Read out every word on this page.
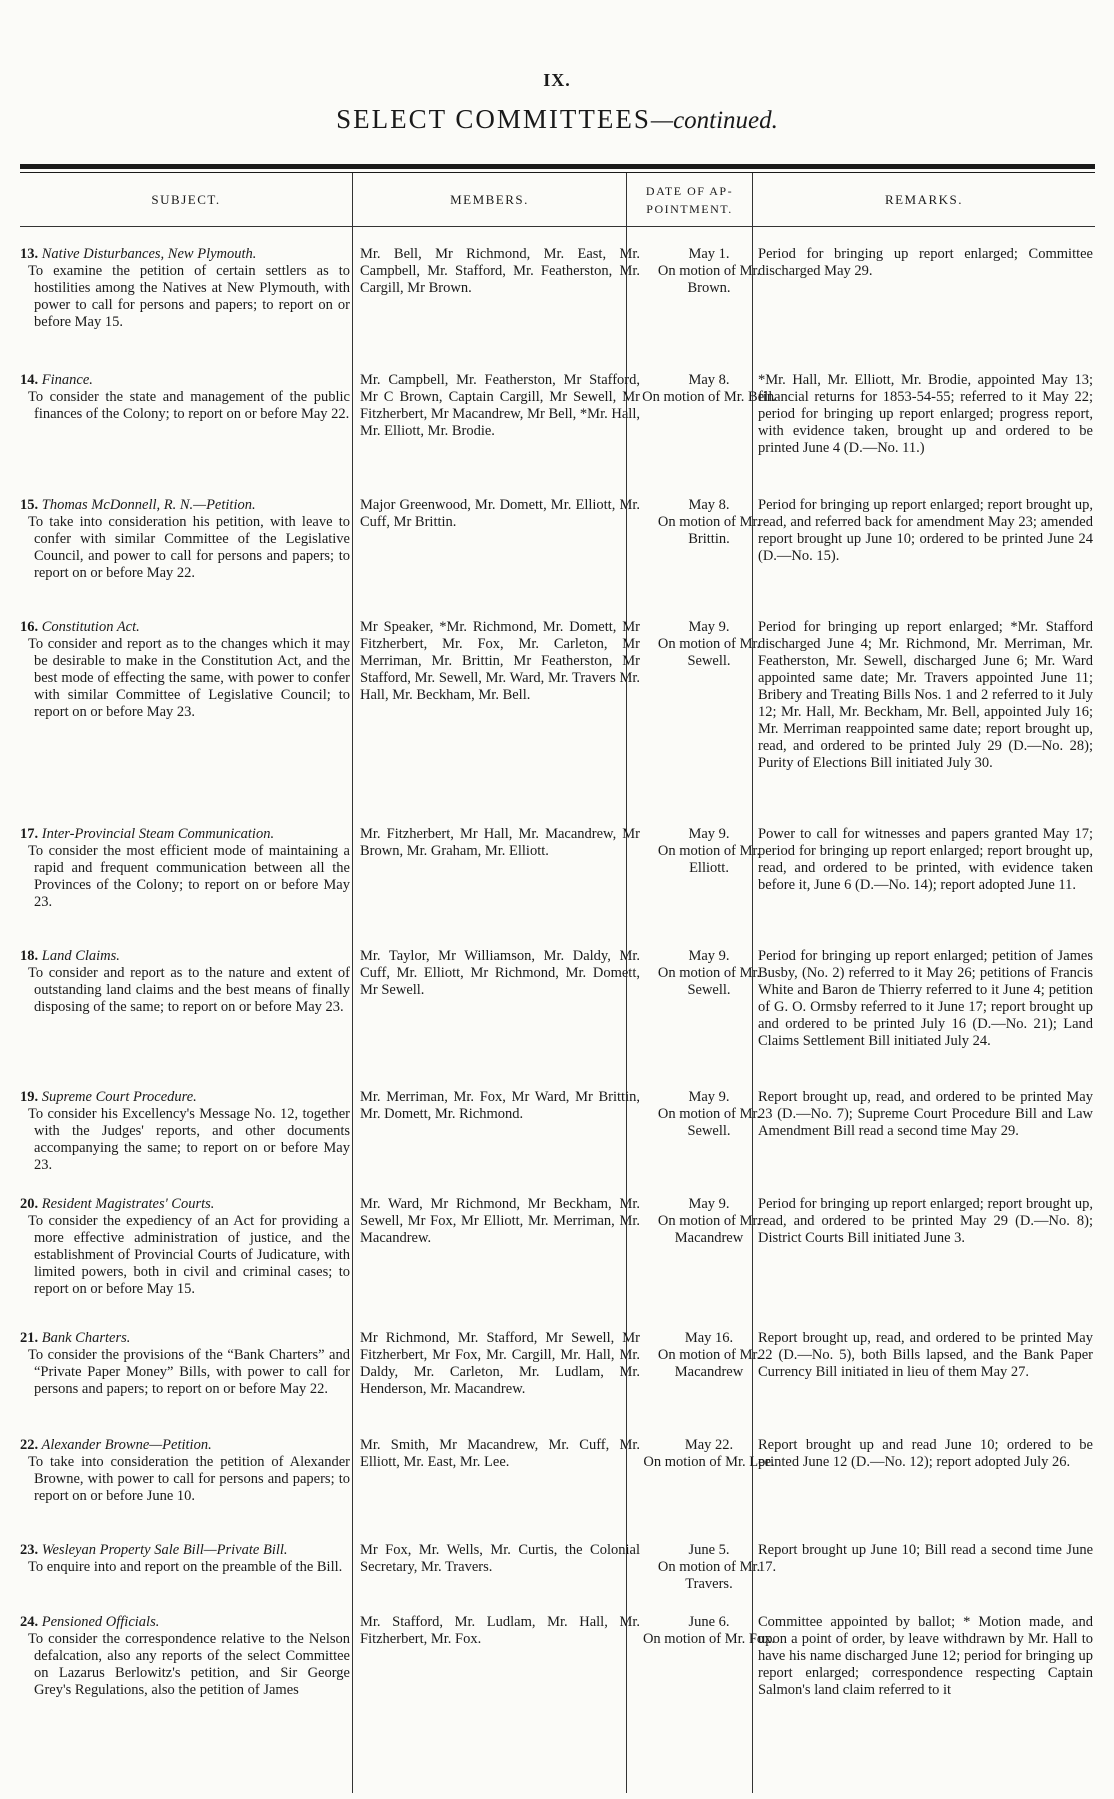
IX.
SELECT COMMITTEES—continued.
SUBJECT.	MEMBERS.
DATE OF AP-POINTMENT.
REMARKS.
13. Native Disturbances, New Plymouth.
To examine the petition of certain settlers as to hostilities among the Natives at New Plymouth, with power to call for persons and papers; to report on or before May 15.
Mr. Bell, Mr Richmond, Mr. East, Mr. Campbell, Mr. Stafford, Mr. Featherston, Mr. Cargill, Mr Brown.
May 1.
On motion of Mr. Brown.
Period for bringing up report enlarged; Committee discharged May 29.
14. Finance.
To consider the state and management of the public finances of the Colony; to report on or before May 22.
Mr. Campbell, Mr. Featherston, Mr Stafford, Mr C Brown, Captain Cargill, Mr Sewell, Mr Fitzherbert, Mr Macandrew, Mr Bell, *Mr. Hall, Mr. Elliott, Mr. Brodie.
May 8.
On motion of Mr. Bell.
*Mr. Hall, Mr. Elliott, Mr. Brodie, appointed May 13; financial returns for 1853-54-55; referred to it May 22; period for bringing up report enlarged; progress report, with evidence taken, brought up and ordered to be printed June 4 (D.—No. 11.)
15. Thomas McDonnell, R. N.—Petition.
To take into consideration his petition, with leave to confer with similar Committee of the Legislative Council, and power to call for persons and papers; to report on or before May 22.
Major Greenwood, Mr. Domett, Mr. Elliott, Mr. Cuff, Mr Brittin.
May 8.
On motion of Mr. Brittin.
Period for bringing up report enlarged; report brought up, read, and referred back for amendment May 23; amended report brought up June 10; ordered to be printed June 24 (D.—No. 15).
16. Constitution Act.
To consider and report as to the changes which it may be desirable to make in the Constitution Act, and the best mode of effecting the same, with power to confer with similar Committee of Legislative Council; to report on or before May 23.
Mr Speaker, *Mr. Richmond, Mr. Domett, Mr Fitzherbert, Mr. Fox, Mr. Carleton, Mr Merriman, Mr. Brittin, Mr Featherston, Mr Stafford, Mr. Sewell, Mr. Ward, Mr. Travers Mr. Hall, Mr. Beckham, Mr. Bell.
May 9.
On motion of Mr. Sewell.
Period for bringing up report enlarged; *Mr. Stafford discharged June 4; Mr. Richmond, Mr. Merriman, Mr. Featherston, Mr. Sewell, discharged June 6; Mr. Ward appointed same date; Mr. Travers appointed June 11; Bribery and Treating Bills Nos. 1 and 2 referred to it July 12; Mr. Hall, Mr. Beckham, Mr. Bell, appointed July 16; Mr. Merriman reappointed same date; report brought up, read, and ordered to be printed July 29 (D.—No. 28); Purity of Elections Bill initiated July 30.
17. Inter-Provincial Steam Communication.
To consider the most efficient mode of maintaining a rapid and frequent communication between all the Provinces of the Colony; to report on or before May 23.
Mr. Fitzherbert, Mr Hall, Mr. Macandrew, Mr Brown, Mr. Graham, Mr. Elliott.
May 9.
On motion of Mr. Elliott.
Power to call for witnesses and papers granted May 17; period for bringing up report enlarged; report brought up, read, and ordered to be printed, with evidence taken before it, June 6 (D.—No. 14); report adopted June 11.
18. Land Claims.
To consider and report as to the nature and extent of outstanding land claims and the best means of finally disposing of the same; to report on or before May 23.
Mr. Taylor, Mr Williamson, Mr. Daldy, Mr. Cuff, Mr. Elliott, Mr Richmond, Mr. Domett, Mr Sewell.
May 9.
On motion of Mr. Sewell.
Period for bringing up report enlarged; petition of James Busby, (No. 2) referred to it May 26; petitions of Francis White and Baron de Thierry referred to it June 4; petition of G. O. Ormsby referred to it June 17; report brought up and ordered to be printed July 16 (D.—No. 21); Land Claims Settlement Bill initiated July 24.
19. Supreme Court Procedure.
To consider his Excellency's Message No. 12, together with the Judges' reports, and other documents accompanying the same; to report on or before May 23.
Mr. Merriman, Mr. Fox, Mr Ward, Mr Brittin, Mr. Domett, Mr. Richmond.
May 9.
On motion of Mr. Sewell.
Report brought up, read, and ordered to be printed May 23 (D.—No. 7); Supreme Court Procedure Bill and Law Amendment Bill read a second time May 29.
20. Resident Magistrates' Courts.
To consider the expediency of an Act for providing a more effective administration of justice, and the establishment of Provincial Courts of Judicature, with limited powers, both in civil and criminal cases; to report on or before May 15.
Mr. Ward, Mr Richmond, Mr Beckham, Mr. Sewell, Mr Fox, Mr Elliott, Mr. Merriman, Mr. Macandrew.
May 9.
On motion of Mr. Macandrew
Period for bringing up report enlarged; report brought up, read, and ordered to be printed May 29 (D.—No. 8); District Courts Bill initiated June 3.
21. Bank Charters.
To consider the provisions of the “Bank Charters” and “Private Paper Money” Bills, with power to call for persons and papers; to report on or before May 22.
Mr Richmond, Mr. Stafford, Mr Sewell, Mr Fitzherbert, Mr Fox, Mr. Cargill, Mr. Hall, Mr. Daldy, Mr. Carleton, Mr. Ludlam, Mr. Henderson, Mr. Macandrew.
May 16.
On motion of Mr. Macandrew
Report brought up, read, and ordered to be printed May 22 (D.—No. 5), both Bills lapsed, and the Bank Paper Currency Bill initiated in lieu of them May 27.
22. Alexander Browne—Petition.
To take into consideration the petition of Alexander Browne, with power to call for persons and papers; to report on or before June 10.
Mr. Smith, Mr Macandrew, Mr. Cuff, Mr. Elliott, Mr. East, Mr. Lee.
May 22.
On motion of Mr. Lee.
Report brought up and read June 10; ordered to be printed June 12 (D.—No. 12); report adopted July 26.
23. Wesleyan Property Sale Bill—Private Bill.
To enquire into and report on the preamble of the Bill.
Mr Fox, Mr. Wells, Mr. Curtis, the Colonial Secretary, Mr. Travers.
June 5.
On motion of Mr. Travers.
Report brought up June 10; Bill read a second time June 17.
24. Pensioned Officials.
To consider the correspondence relative to the Nelson defalcation, also any reports of the select Committee on Lazarus Berlowitz's petition, and Sir George Grey's Regulations, also the petition of James
Mr. Stafford, Mr. Ludlam, Mr. Hall, Mr. Fitzherbert, Mr. Fox.
June 6.
On motion of Mr. Fox.
Committee appointed by ballot; * Motion made, and upon a point of order, by leave withdrawn by Mr. Hall to have his name discharged June 12; period for bringing up report enlarged; correspondence respecting Captain Salmon's land claim referred to it
